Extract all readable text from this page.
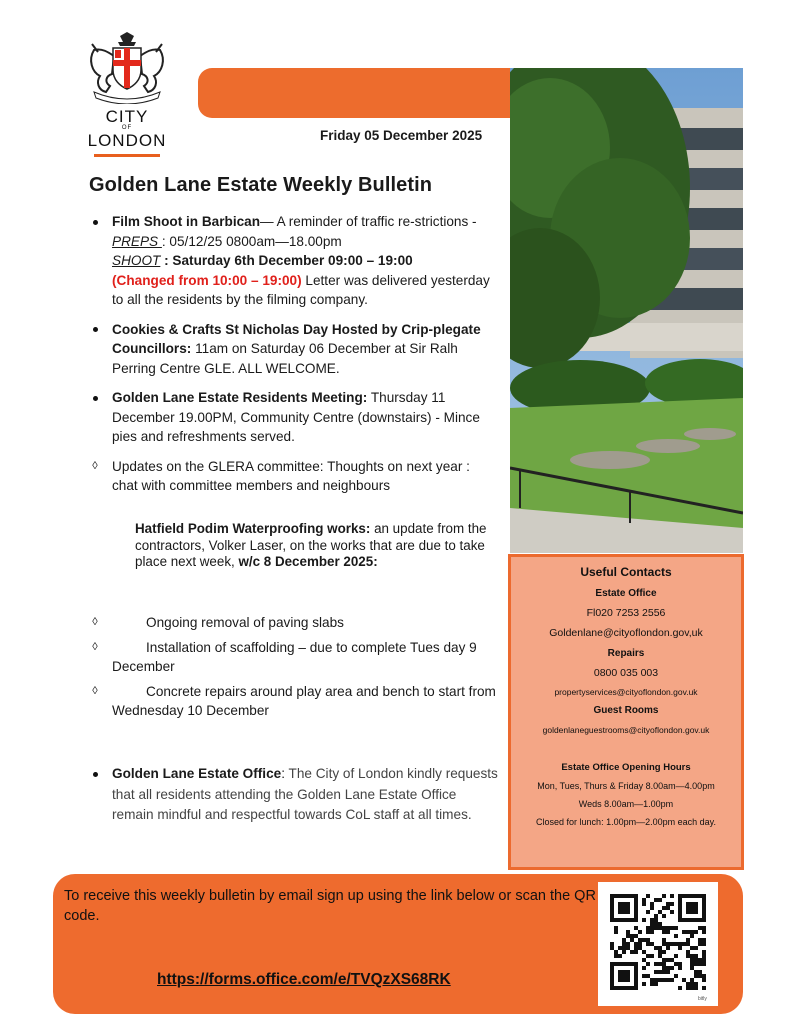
CITY
OF
LONDON	Friday 05 December 2025
Golden Lane Estate Weekly Bulletin
Film Shoot in Barbican— A reminder of traffic re-strictions - PREPS : 05/12/25 0800am—18.00pm
SHOOT : Saturday 6th December 09:00 – 19:00
(Changed from 10:00 – 19:00) Letter was delivered yesterday to all the residents by the filming company.
Cookies & Crafts St Nicholas Day Hosted by Crip-plegate Councillors: 11am on Saturday 06 December at Sir Ralh Perring Centre GLE. ALL WELCOME.
Golden Lane Estate Residents Meeting: Thursday 11 December 19.00PM, Community Centre (downstairs) - Mince pies and refreshments served.
◊	Updates on the GLERA committee: Thoughts on next year : chat with committee members and neighbours
Hatfield Podim Waterproofing works: an update from the contractors, Volker Laser, on the works that are due to take place next week, w/c 8 December 2025:
◊	Ongoing removal of paving slabs
◊	Installation of scaffolding – due to complete Tues day 9 December
◊	Concrete repairs around play area and bench to start from Wednesday 10 December
Golden Lane Estate Office: The City of London kindly requests that all residents attending the Golden Lane Estate Office remain mindful and respectful towards CoL staff at all times.
Useful Contacts
Estate Office
Fl020 7253 2556
Goldenlane@cityoflondon.gov,uk
Repairs
0800 035 003
propertyservices@cityoflondon.gov.uk
Guest Rooms
goldenlaneguestrooms@cityoflondon.gov.uk
Estate Office Opening Hours
Mon, Tues, Thurs & Friday 8.00am—4.00pm
Weds 8.00am—1.00pm
Closed for lunch: 1.00pm—2.00pm each day.
To receive this weekly bulletin by email sign up using the link below or scan the QR code.
https://forms.office.com/e/TVQzXS68RK
bitly
